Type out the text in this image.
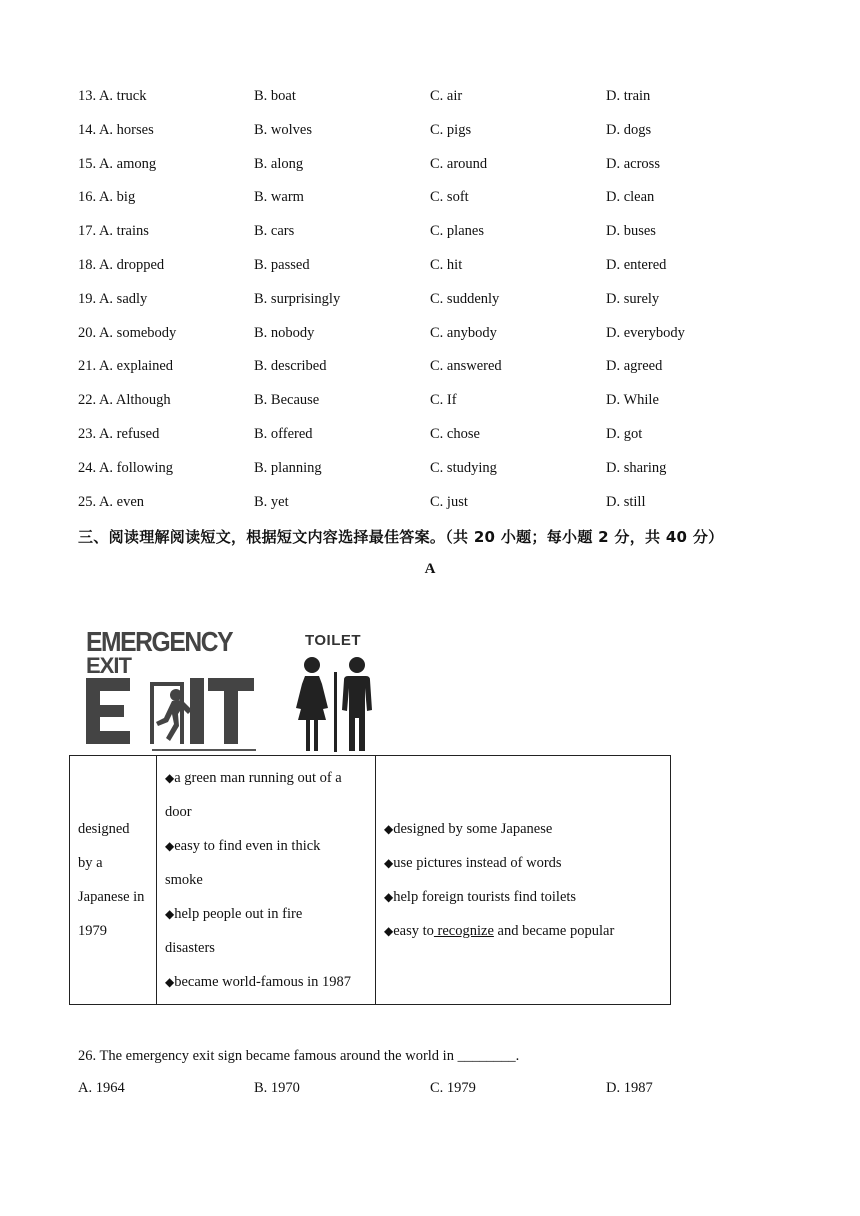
13. A. truck	B. boat	C. air	D. train
14. A. horses	B. wolves	C. pigs	D. dogs
15. A. among	B. along	C. around	D. across
16. A. big	B. warm	C. soft	D. clean
17. A. trains	B. cars	C. planes	D. buses
18. A. dropped	B. passed	C. hit	D. entered
19. A. sadly	B. surprisingly	C. suddenly	D. surely
20. A. somebody	B. nobody	C. anybody	D. everybody
21. A. explained	B. described	C. answered	D. agreed
22. A. Although	B. Because	C. If	D. While
23. A. refused	B. offered	C. chose	D. got
24. A. following	B. planning	C. studying	D. sharing
25. A. even	B. yet	C. just	D. still
三、阅读理解阅读短文，根据短文内容选择最佳答案。（共 20 小题；每小题 2 分，共 40 分）
A
EMERGENCY
EXIT
TOILET
designed
by a
Japanese in
1979

◆a green man running out of a
door
◆easy to find even in thick
smoke
◆help people out in fire
disasters
◆became world-famous in 1987

◆designed by some Japanese
◆use pictures instead of words
◆help foreign tourists find toilets
◆easy to recognize and became popular
26. The emergency exit sign became famous around the world in ________.
A. 1964	B. 1970	C. 1979	D. 1987
